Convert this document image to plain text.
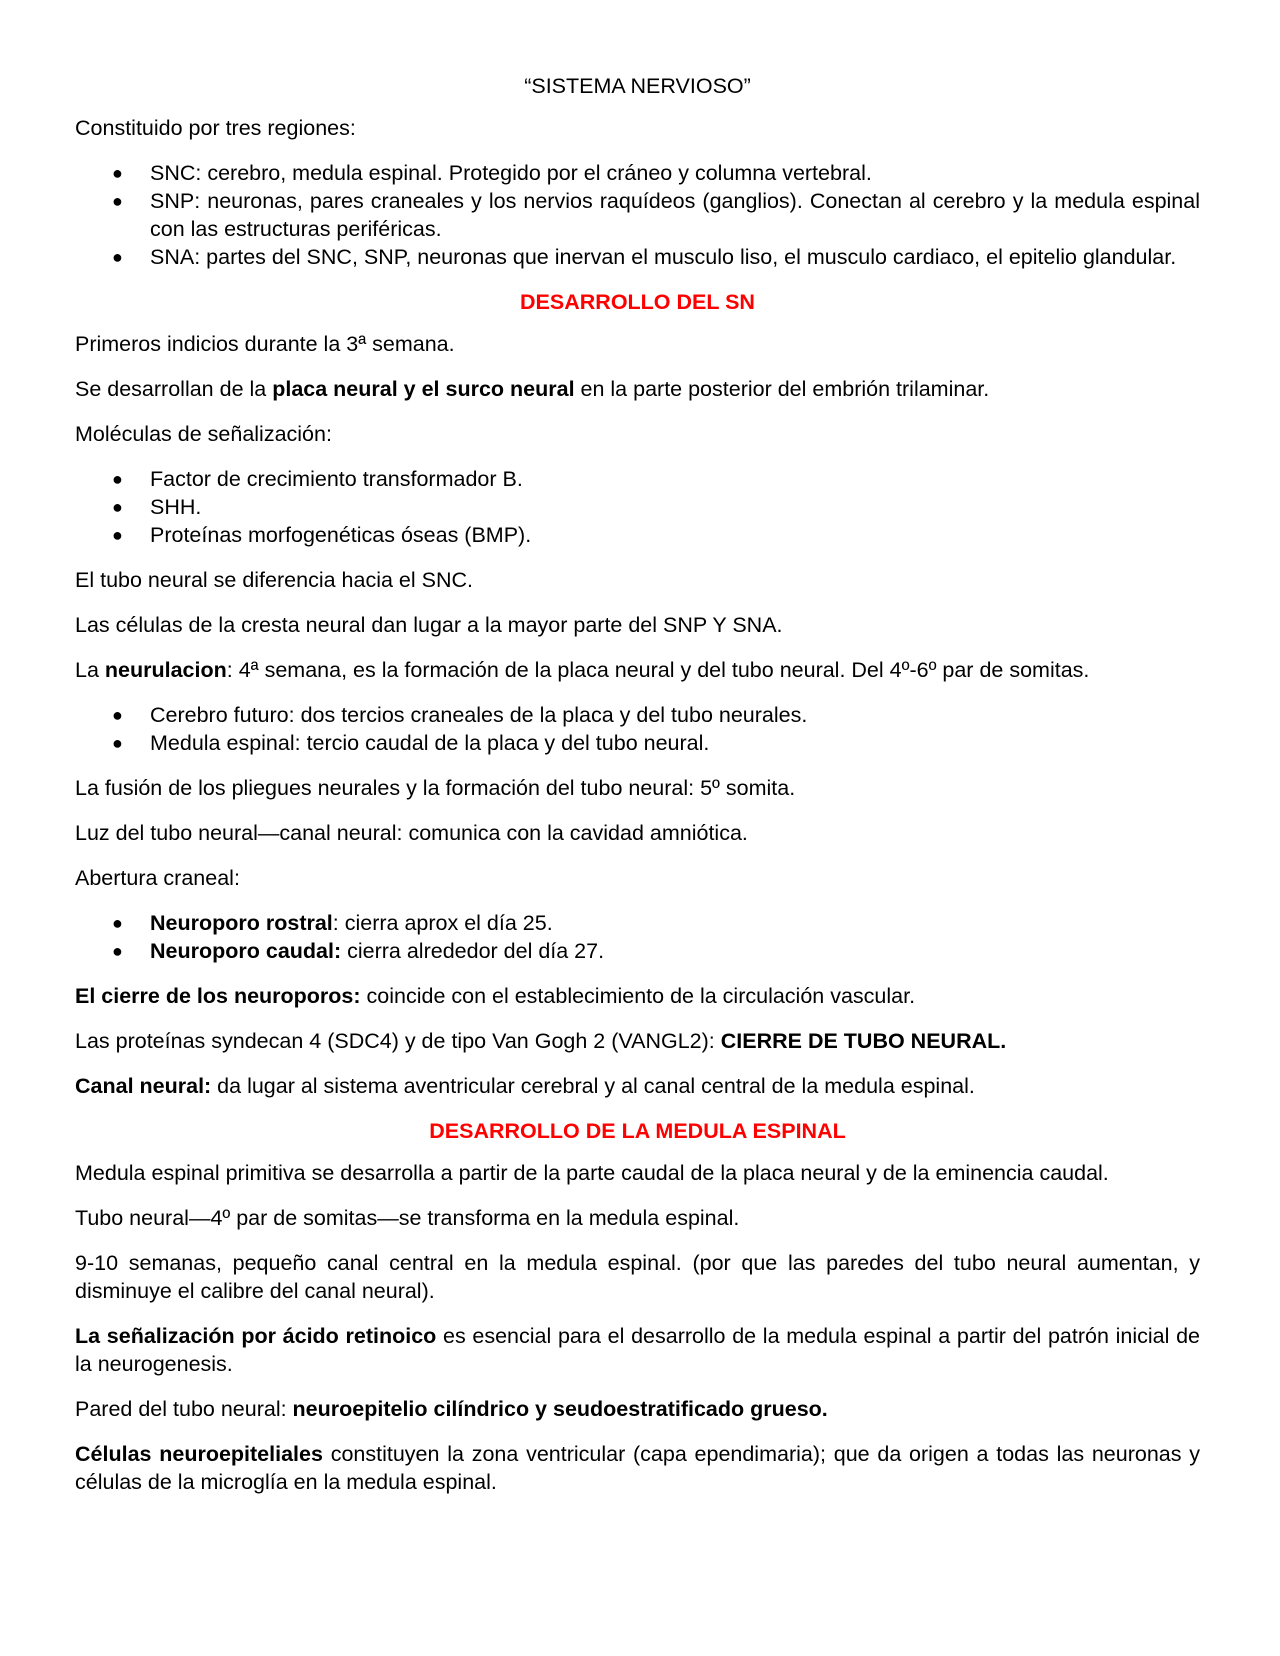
“SISTEMA NERVIOSO”

Constituido por tres regiones:

● SNC: cerebro, medula espinal. Protegido por el cráneo y columna vertebral.
● SNP: neuronas, pares craneales y los nervios raquídeos (ganglios). Conectan al cerebro y la medula espinal con las estructuras periféricas.
● SNA: partes del SNC, SNP, neuronas que inervan el musculo liso, el musculo cardiaco, el epitelio glandular.
DESARROLLO DEL SN

Primeros indicios durante la 3ª semana.

Se desarrollan de la placa neural y el surco neural en la parte posterior del embrión trilaminar.

Moléculas de señalización:

● Factor de crecimiento transformador B.
● SHH.
● Proteínas morfogenéticas óseas (BMP).

El tubo neural se diferencia hacia el SNC.

Las células de la cresta neural dan lugar a la mayor parte del SNP Y SNA.

La neurulacion: 4ª semana, es la formación de la placa neural y del tubo neural. Del 4º-6º par de somitas.

● Cerebro futuro: dos tercios craneales de la placa y del tubo neurales.
● Medula espinal: tercio caudal de la placa y del tubo neural.

La fusión de los pliegues neurales y la formación del tubo neural: 5º somita.

Luz del tubo neural—canal neural: comunica con la cavidad amniótica.

Abertura craneal:

● Neuroporo rostral: cierra aprox el día 25.
● Neuroporo caudal: cierra alrededor del día 27.

El cierre de los neuroporos: coincide con el establecimiento de la circulación vascular.

Las proteínas syndecan 4 (SDC4) y de tipo Van Gogh 2 (VANGL2): CIERRE DE TUBO NEURAL.

Canal neural: da lugar al sistema aventricular cerebral y al canal central de la medula espinal.

DESARROLLO DE LA MEDULA ESPINAL

Medula espinal primitiva se desarrolla a partir de la parte caudal de la placa neural y de la eminencia caudal.

Tubo neural—4º par de somitas—se transforma en la medula espinal.

9-10 semanas, pequeño canal central en la medula espinal. (por que las paredes del tubo neural aumentan, y disminuye el calibre del canal neural).

La señalización por ácido retinoico es esencial para el desarrollo de la medula espinal a partir del patrón inicial de la neurogenesis.

Pared del tubo neural: neuroepitelio cilíndrico y seudoestratificado grueso.

Células neuroepiteliales constituyen la zona ventricular (capa ependimaria); que da origen a todas las neuronas y células de la microglía en la medula espinal.
